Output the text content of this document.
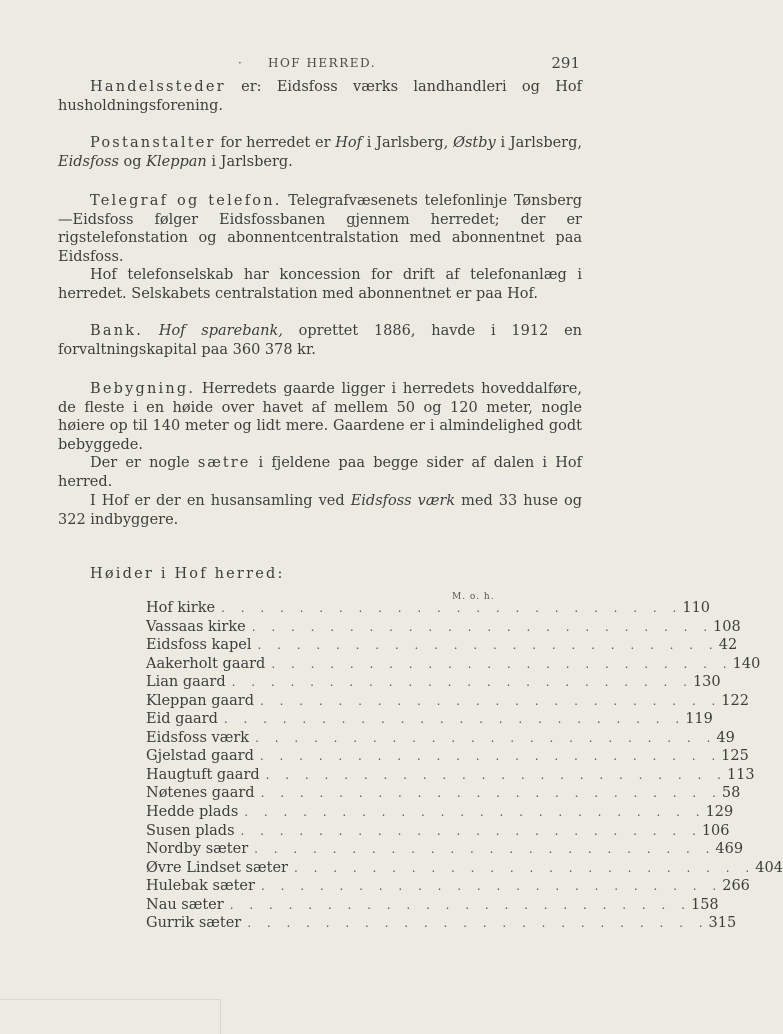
· HOF HERRED.	291

Handelssteder er: Eidsfoss værks landhandleri og Hof husholdningsforening.

Postanstalter for herredet er Hof i Jarlsberg, Østby i Jarlsberg, Eidsfoss og Kleppan i Jarlsberg.

Telegraf og telefon. Telegrafvæsenets telefonlinje Tønsberg—Eidsfoss følger Eidsfossbanen gjennem herredet; der er rigstelefonstation og abonnentcentralstation med abonnentnet paa Eidsfoss.

Hof telefonselskab har koncession for drift af telefonanlæg i herredet. Selskabets centralstation med abonnentnet er paa Hof.

Bank. Hof sparebank, oprettet 1886, havde i 1912 en forvaltningskapital paa 360 378 kr.

Bebygning. Herredets gaarde ligger i herredets hoveddalføre, de fleste i en høide over havet af mellem 50 og 120 meter, nogle høiere op til 140 meter og lidt mere. Gaardene er i almindelighed godt bebyggede.

Der er nogle sætre i fjeldene paa begge sider af dalen i Hof herred.

I Hof er der en husansamling ved Eidsfoss værk med 33 huse og 322 indbyggere.

Høider i Hof herred:
M. o. h.
Hof kirke . . . . . . . . . . . . . . . . . . . . . . . . 110
Vassaas kirke . . . . . . . . . . . . . . . . . . . . . . . . 108
Eidsfoss kapel . . . . . . . . . . . . . . . . . . . . . . . . 42
Aakerholt gaard . . . . . . . . . . . . . . . . . . . . . . . . 140
Lian gaard . . . . . . . . . . . . . . . . . . . . . . . . 130
Kleppan gaard . . . . . . . . . . . . . . . . . . . . . . . . 122
Eid gaard . . . . . . . . . . . . . . . . . . . . . . . . 119
Eidsfoss værk . . . . . . . . . . . . . . . . . . . . . . . . 49
Gjelstad gaard . . . . . . . . . . . . . . . . . . . . . . . . 125
Haugtuft gaard . . . . . . . . . . . . . . . . . . . . . . . . 113
Nøtenes gaard . . . . . . . . . . . . . . . . . . . . . . . . 58
Hedde plads . . . . . . . . . . . . . . . . . . . . . . . . 129
Susen plads . . . . . . . . . . . . . . . . . . . . . . . . 106
Nordby sæter . . . . . . . . . . . . . . . . . . . . . . . . 469
Øvre Lindset sæter . . . . . . . . . . . . . . . . . . . . . . . . 404
Hulebak sæter . . . . . . . . . . . . . . . . . . . . . . . . 266
Nau sæter . . . . . . . . . . . . . . . . . . . . . . . . 158
Gurrik sæter . . . . . . . . . . . . . . . . . . . . . . . . 315
